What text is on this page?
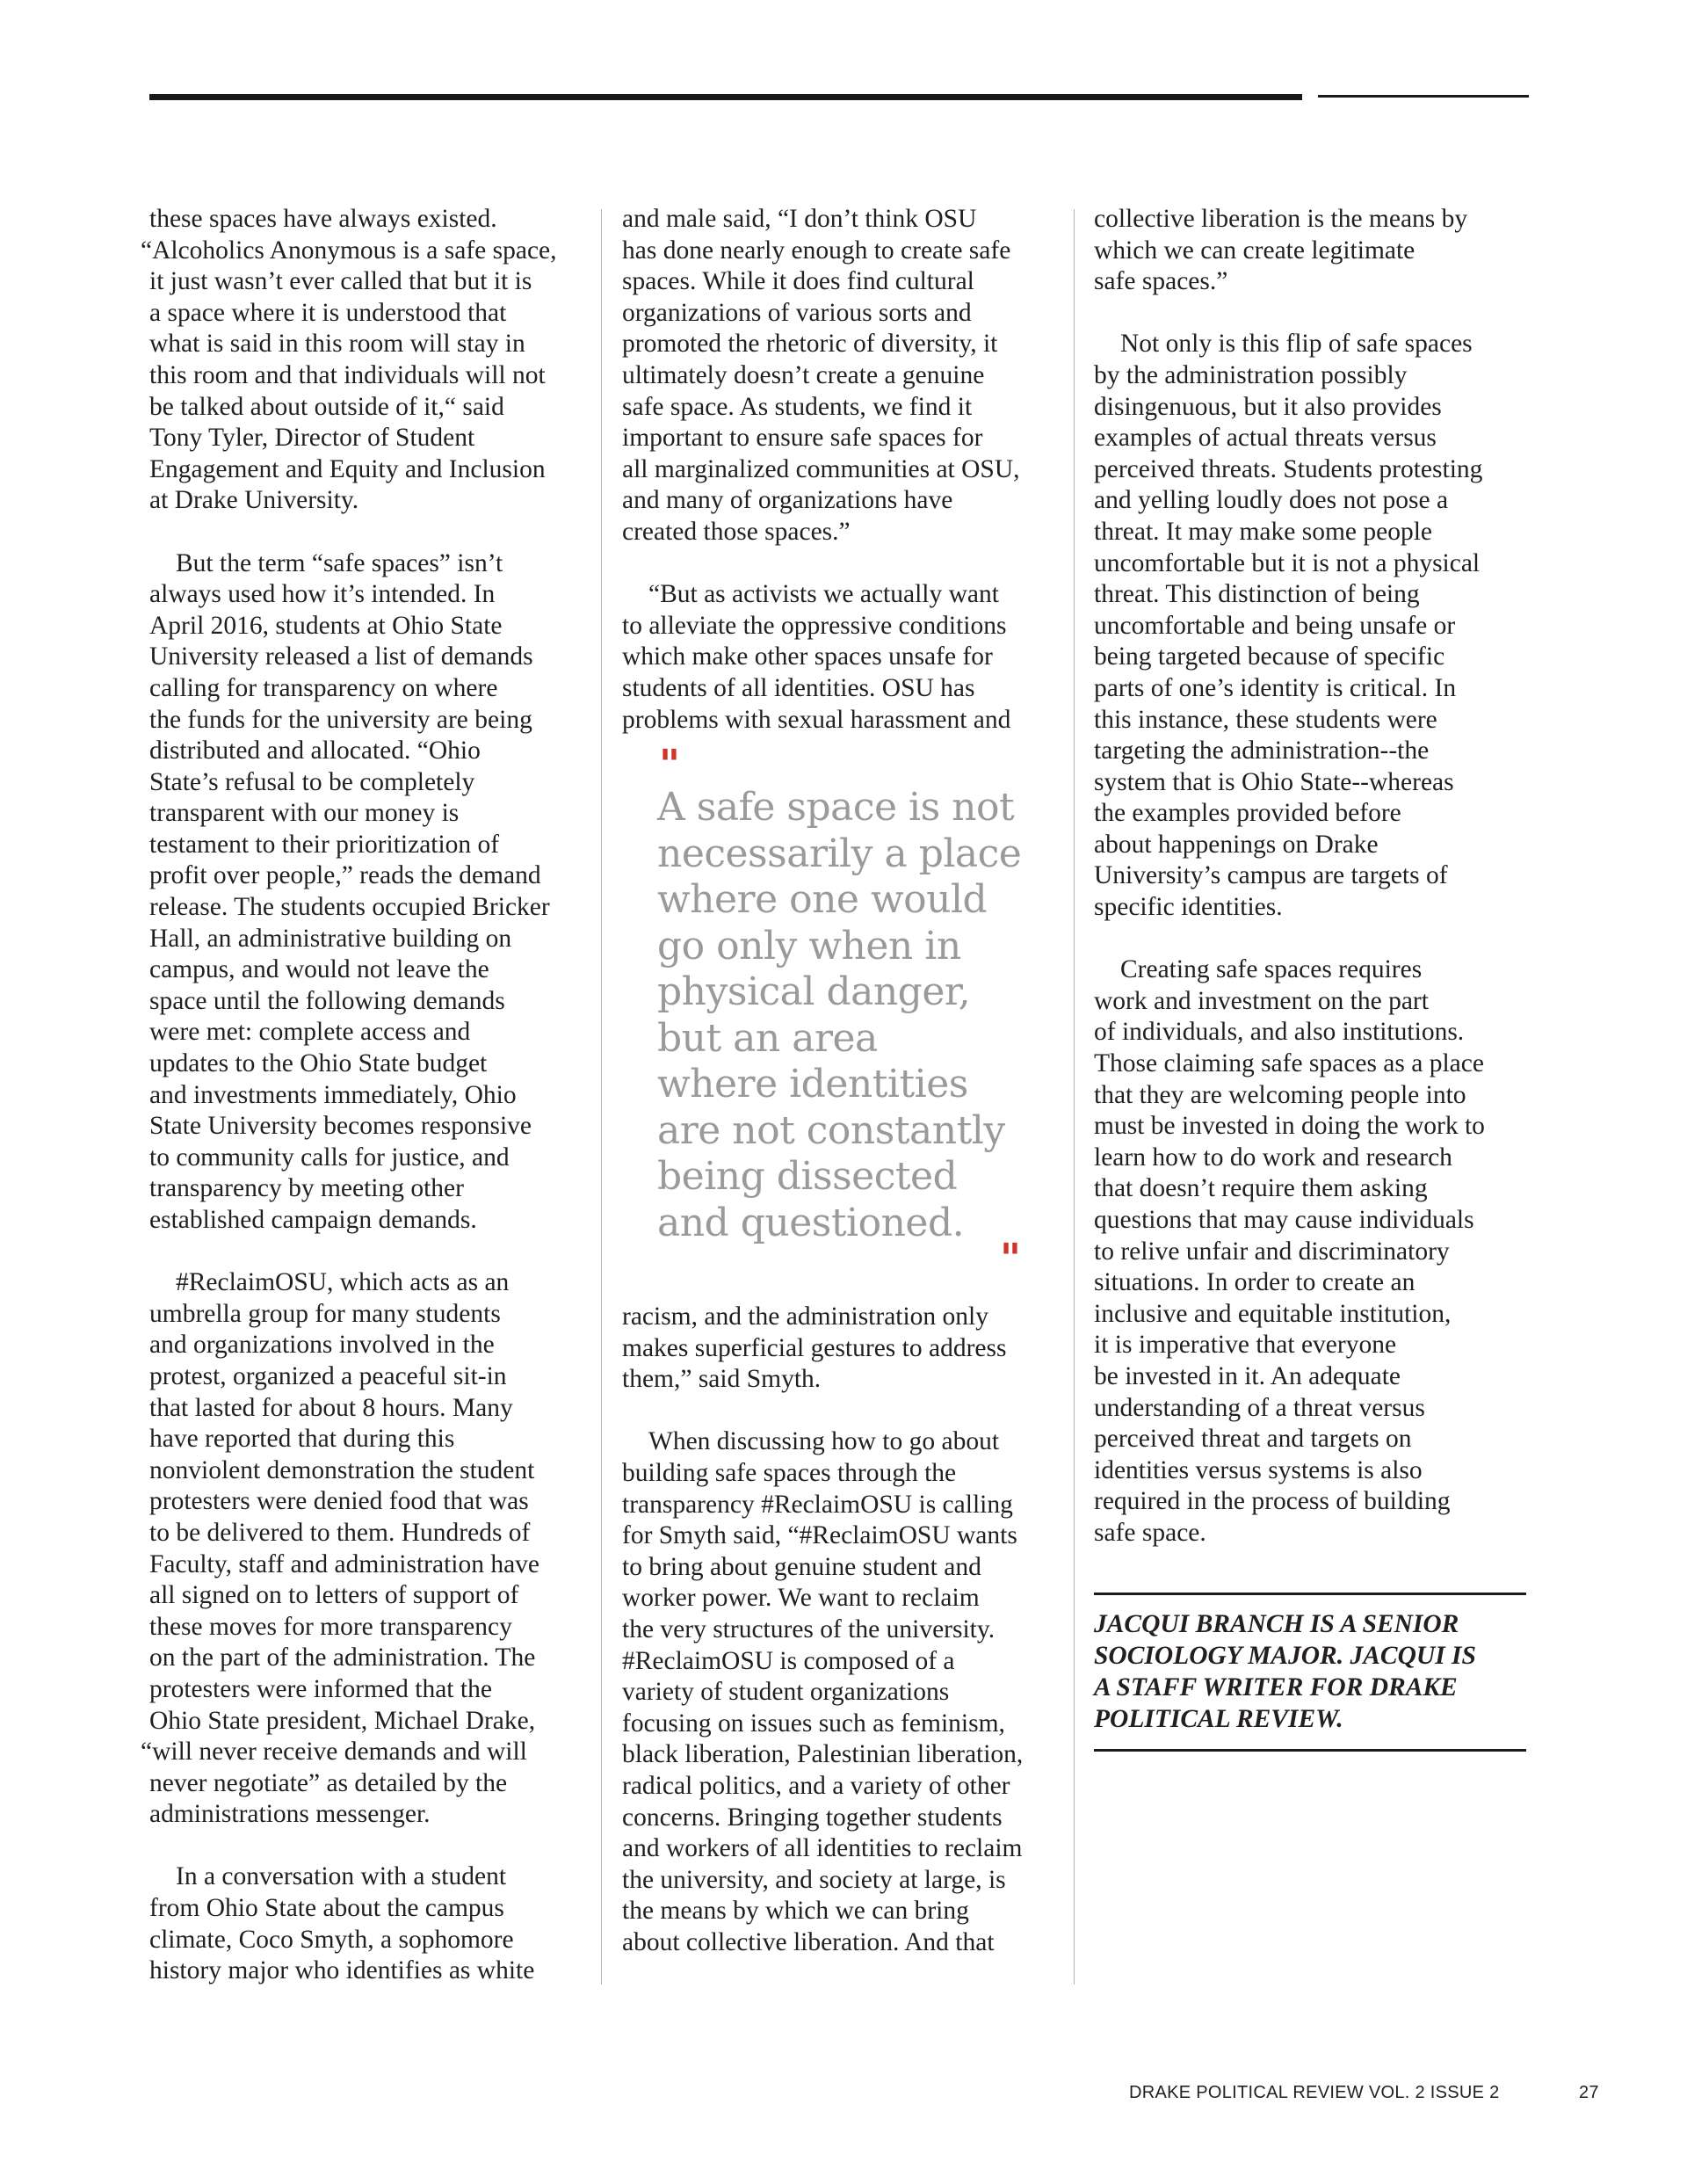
these spaces have always existed.
“Alcoholics Anonymous is a safe space,
it just wasn’t ever called that but it is
a space where it is understood that
what is said in this room will stay in
this room and that individuals will not
be talked about outside of it,“ said
Tony Tyler, Director of Student
Engagement and Equity and Inclusion
at Drake University.
But the term “safe spaces” isn’t
always used how it’s intended. In
April 2016, students at Ohio State
University released a list of demands
calling for transparency on where
the funds for the university are being
distributed and allocated. “Ohio
State’s refusal to be completely
transparent with our money is
testament to their prioritization of
profit over people,” reads the demand
release. The students occupied Bricker
Hall, an administrative building on
campus, and would not leave the
space until the following demands
were met: complete access and
updates to the Ohio State budget
and investments immediately, Ohio
State University becomes responsive
to community calls for justice, and
transparency by meeting other
established campaign demands.
#ReclaimOSU, which acts as an
umbrella group for many students
and organizations involved in the
protest, organized a peaceful sit-in
that lasted for about 8 hours. Many
have reported that during this
nonviolent demonstration the student
protesters were denied food that was
to be delivered to them. Hundreds of
Faculty, staff and administration have
all signed on to letters of support of
these moves for more transparency
on the part of the administration. The
protesters were informed that the
Ohio State president, Michael Drake,
“will never receive demands and will
never negotiate” as detailed by the
administrations messenger.
In a conversation with a student
from Ohio State about the campus
climate, Coco Smyth, a sophomore
history major who identifies as white
and male said, “I don’t think OSU
has done nearly enough to create safe
spaces. While it does find cultural
organizations of various sorts and
promoted the rhetoric of diversity, it
ultimately doesn’t create a genuine
safe space. As students, we find it
important to ensure safe spaces for
all marginalized communities at OSU,
and many of organizations have
created those spaces.”
“But as activists we actually want
to alleviate the oppressive conditions
which make other spaces unsafe for
students of all identities. OSU has
problems with sexual harassment and
"
A safe space is not
necessarily a place
where one would
go only when in
physical danger,
but an area
where identities
are not constantly
being dissected
and questioned.
"
racism, and the administration only
makes superficial gestures to address
them,” said Smyth.
When discussing how to go about
building safe spaces through the
transparency #ReclaimOSU is calling
for Smyth said, “#ReclaimOSU wants
to bring about genuine student and
worker power. We want to reclaim
the very structures of the university.
#ReclaimOSU is composed of a
variety of student organizations
focusing on issues such as feminism,
black liberation, Palestinian liberation,
radical politics, and a variety of other
concerns. Bringing together students
and workers of all identities to reclaim
the university, and society at large, is
the means by which we can bring
about collective liberation. And that
collective liberation is the means by
which we can create legitimate
safe spaces.”
Not only is this flip of safe spaces
by the administration possibly
disingenuous, but it also provides
examples of actual threats versus
perceived threats. Students protesting
and yelling loudly does not pose a
threat. It may make some people
uncomfortable but it is not a physical
threat. This distinction of being
uncomfortable and being unsafe or
being targeted because of specific
parts of one’s identity is critical. In
this instance, these students were
targeting the administration--the
system that is Ohio State--whereas
the examples provided before
about happenings on Drake
University’s campus are targets of
specific identities.
Creating safe spaces requires
work and investment on the part
of individuals, and also institutions.
Those claiming safe spaces as a place
that they are welcoming people into
must be invested in doing the work to
learn how to do work and research
that doesn’t require them asking
questions that may cause individuals
to relive unfair and discriminatory
situations. In order to create an
inclusive and equitable institution,
it is imperative that everyone
be invested in it. An adequate
understanding of a threat versus
perceived threat and targets on
identities versus systems is also
required in the process of building
safe space.
JACQUI BRANCH IS A SENIOR
SOCIOLOGY MAJOR. JACQUI IS
A STAFF WRITER FOR DRAKE
POLITICAL REVIEW.
DRAKE POLITICAL REVIEW VOL. 2 ISSUE 2	27
